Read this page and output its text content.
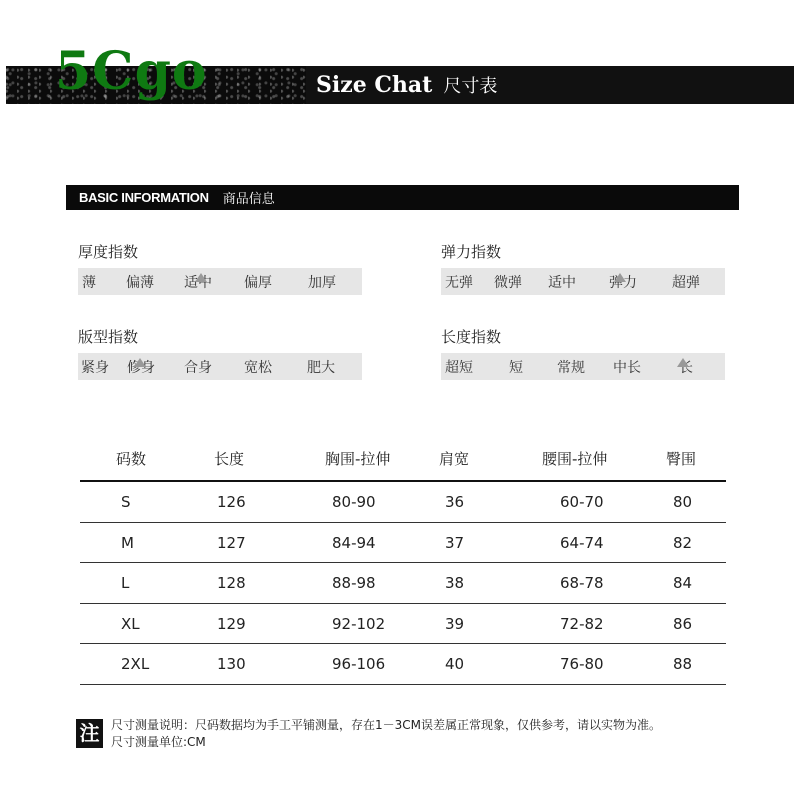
5Cgo	Size Chat 尺寸表
BASIC INFORMATION 商品信息
厚度指数
薄 偏薄 适中 偏厚	加厚
弹力指数
无弹 微弹 适中 弹力	超弹
版型指数
紧身 修身 合身 宽松	肥大
长度指数
超短	短 常规 中长	长
码数	长度	胸围-拉伸	肩宽	腰围-拉伸	臀围
S	126	80-90	36	60-70	80
M	127	84-94	37	64-74	82
L	128	88-98	38	68-78	84
XL	129	92-102	39	72-82	86
2XL	130	96-106	40	76-80	88
注 尺寸测量说明：尺码数据均为手工平铺测量，存在1－3CM误差属正常现象，仅供参考，请以实物为准。
尺寸测量单位:CM
